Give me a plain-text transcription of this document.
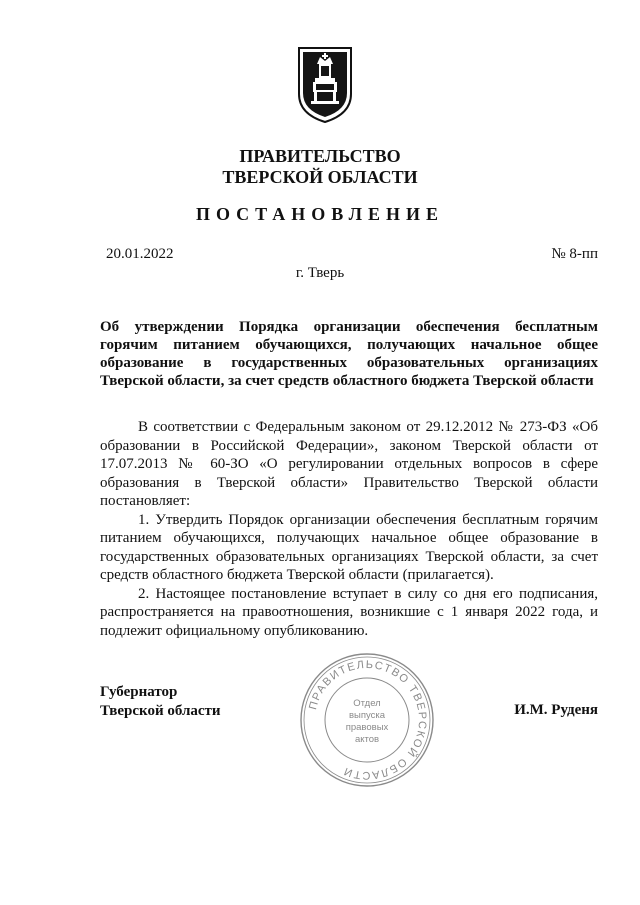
ПРАВИТЕЛЬСТВО
ТВЕРСКОЙ ОБЛАСТИ
ПОСТАНОВЛЕНИЕ
20.01.2022	№ 8-пп
г. Тверь
Об утверждении Порядка организации обеспечения бесплатным горячим питанием обучающихся, получающих начальное общее образование в государственных образовательных организациях Тверской области, за счет средств областного бюджета Тверской области

В соответствии с Федеральным законом от 29.12.2012 № 273-ФЗ «Об образовании в Российской Федерации», законом Тверской области от 17.07.2013 № 60-ЗО «О регулировании отдельных вопросов в сфере образования в Тверской области» Правительство Тверской области постановляет:

1. Утвердить Порядок организации обеспечения бесплатным горячим питанием обучающихся, получающих начальное общее образование в государственных образовательных организациях Тверской области, за счет средств областного бюджета Тверской области (прилагается).

2. Настоящее постановление вступает в силу со дня его подписания, распространяется на правоотношения, возникшие с 1 января 2022 года, и подлежит официальному опубликованию.

Губернатор
Тверской области	ПРАВИТЕЛЬСТВО ТВЕРСКОЙ ОБЛАСТИ
Отдел
выпуска
правовых
актов
И.М. Руденя
